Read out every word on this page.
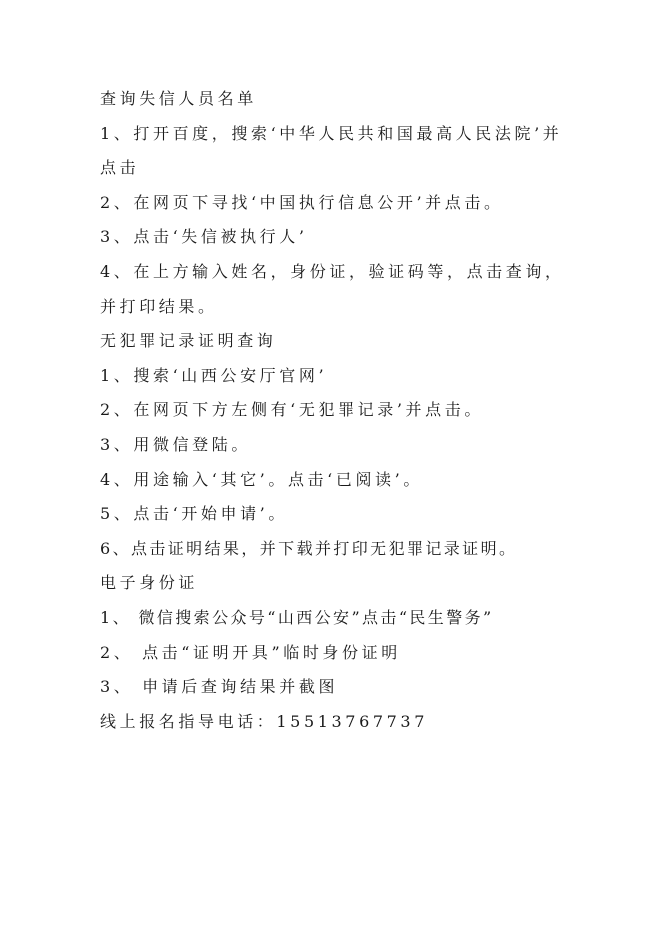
查询失信人员名单
1、打开百度，搜索‘中华人民共和国最高人民法院’并点击
2、在网页下寻找‘中国执行信息公开’并点击。
3、点击‘失信被执行人’
4、在上方输入姓名，身份证，验证码等，点击查询，并打印结果。
无犯罪记录证明查询
1、搜索‘山西公安厅官网’
2、在网页下方左侧有‘无犯罪记录’并点击。
3、用微信登陆。
4、用途输入‘其它’。点击‘已阅读’。
5、点击‘开始申请’。
6、点击证明结果，并下载并打印无犯罪记录证明。
电子身份证
1、 微信搜索公众号“山西公安”点击“民生警务”
2、 点击“证明开具”临时身份证明
3、 申请后查询结果并截图
线上报名指导电话：15513767737
